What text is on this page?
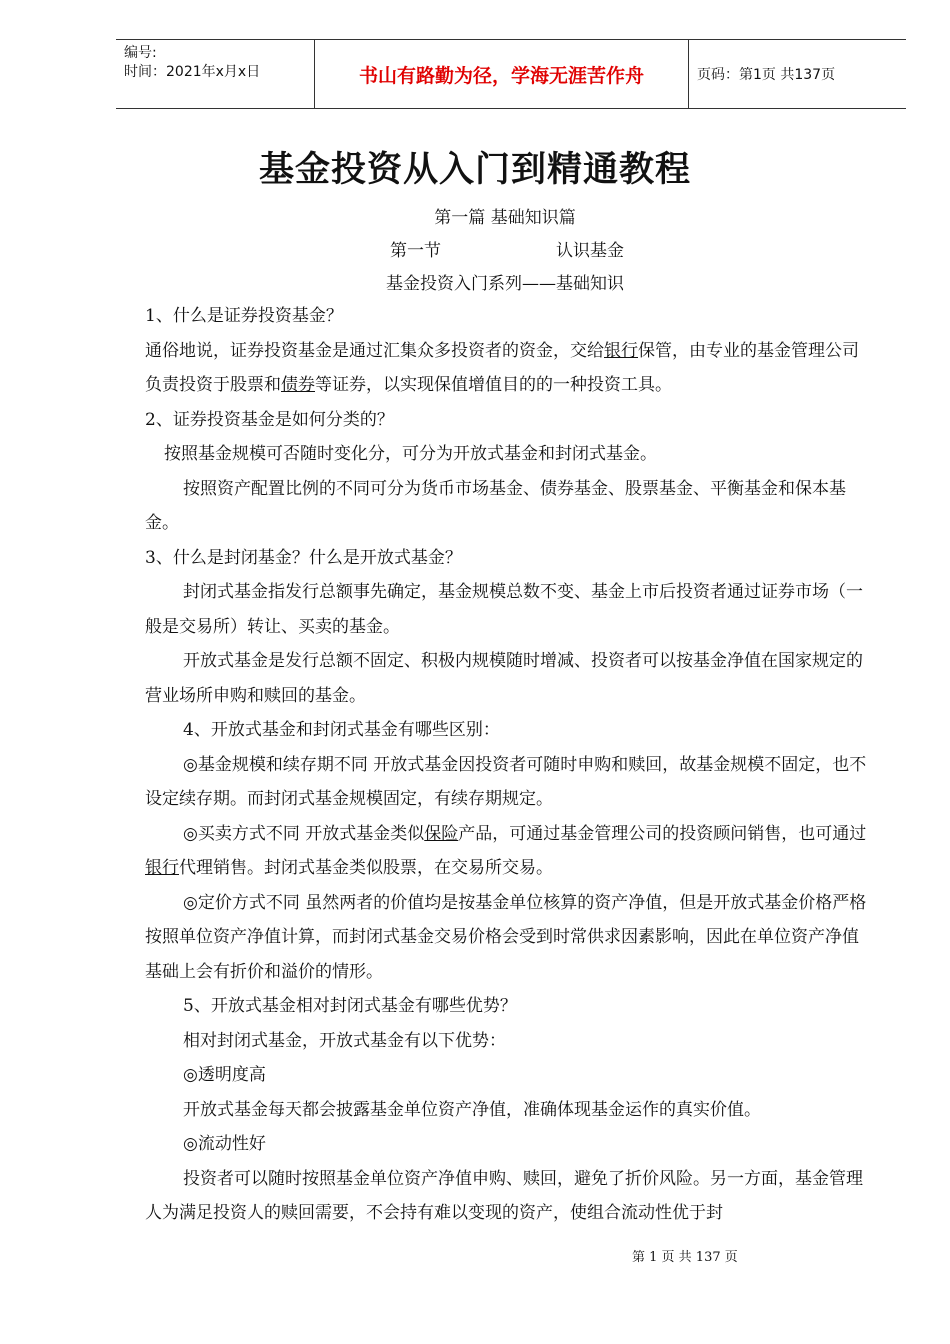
编号:
时间：2021年x月x日	书山有路勤为径，学海无涯苦作舟	页码：第1页 共137页
基金投资从入门到精通教程
第一篇 基础知识篇
第一节	认识基金
基金投资入门系列——基础知识

1、什么是证券投资基金？

通俗地说，证券投资基金是通过汇集众多投资者的资金，交给银行保管，由专业的基金管理公司负责投资于股票和债券等证券，以实现保值增值目的的一种投资工具。

2、证券投资基金是如何分类的？

按照基金规模可否随时变化分，可分为开放式基金和封闭式基金。

按照资产配置比例的不同可分为货币市场基金、债券基金、股票基金、平衡基金和保本基金。

3、什么是封闭基金？什么是开放式基金？

封闭式基金指发行总额事先确定，基金规模总数不变、基金上市后投资者通过证券市场（一般是交易所）转让、买卖的基金。

开放式基金是发行总额不固定、积极内规模随时增减、投资者可以按基金净值在国家规定的营业场所申购和赎回的基金。

4、开放式基金和封闭式基金有哪些区别：

◎基金规模和续存期不同 开放式基金因投资者可随时申购和赎回，故基金规模不固定，也不设定续存期。而封闭式基金规模固定，有续存期规定。

◎买卖方式不同 开放式基金类似保险产品，可通过基金管理公司的投资顾问销售，也可通过银行代理销售。封闭式基金类似股票，在交易所交易。

◎定价方式不同 虽然两者的价值均是按基金单位核算的资产净值，但是开放式基金价格严格按照单位资产净值计算，而封闭式基金交易价格会受到时常供求因素影响，因此在单位资产净值基础上会有折价和溢价的情形。

5、开放式基金相对封闭式基金有哪些优势？

相对封闭式基金，开放式基金有以下优势：

◎透明度高

开放式基金每天都会披露基金单位资产净值，准确体现基金运作的真实价值。

◎流动性好

投资者可以随时按照基金单位资产净值申购、赎回，避免了折价风险。另一方面，基金管理人为满足投资人的赎回需要，不会持有难以变现的资产，使组合流动性优于封

第 1 页 共 137 页
